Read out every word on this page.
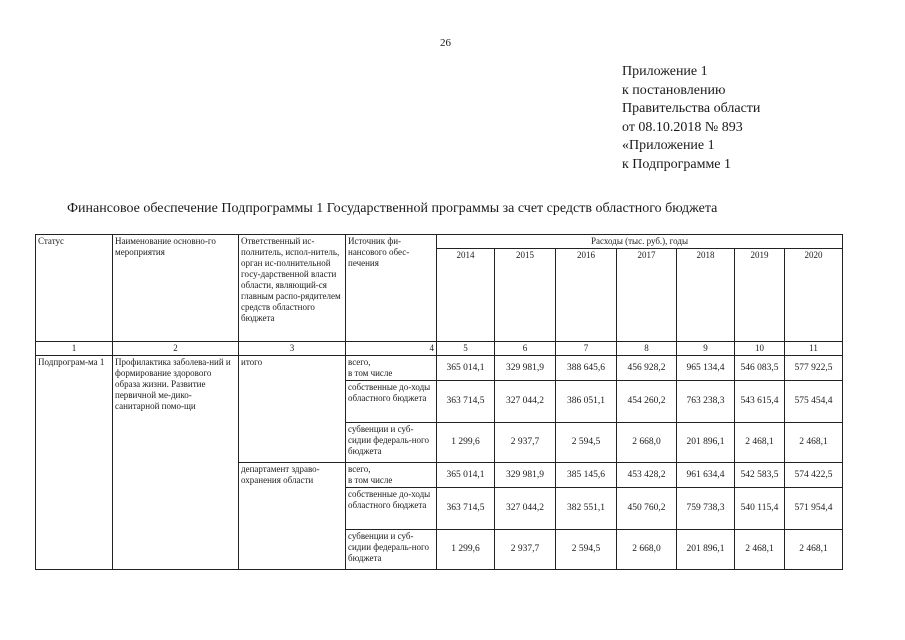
26
Приложение 1
к постановлению
Правительства области
от 08.10.2018 № 893
«Приложение 1
к Подпрограмме 1
Финансовое обеспечение Подпрограммы 1 Государственной программы за счет средств областного бюджета
Статус	Наименование основно-го мероприятия	Ответственный ис-полнитель, испол-нитель, орган ис-полнительной госу-дарственной власти области, являющий-ся главным распо-рядителем средств областного бюджета	Источник фи-нансового обес-печения	Расходы (тыс. руб.), годы						
				2014	2015	2016	2017	2018	2019	2020
1	2	3	4	5	6	7	8	9	10	11
Подпрограм-ма 1	Профилактика заболева-ний и формирование здорового образа жизни. Развитие первичной ме-дико-санитарной помо-щи	итого	всего,
в том числе	365 014,1	329 981,9	388 645,6	456 928,2	965 134,4	546 083,5	577 922,5
			собственные до-ходы областного бюджета	363 714,5	327 044,2	386 051,1	454 260,2	763 238,3	543 615,4	575 454,4
			субвенции и суб-сидии федераль-ного бюджета	1 299,6	2 937,7	2 594,5	2 668,0	201 896,1	2 468,1	2 468,1
		департамент здраво-охранения области	всего,
в том числе	365 014,1	329 981,9	385 145,6	453 428,2	961 634,4	542 583,5	574 422,5
			собственные до-ходы областного бюджета	363 714,5	327 044,2	382 551,1	450 760,2	759 738,3	540 115,4	571 954,4
			субвенции и суб-сидии федераль-ного бюджета	1 299,6	2 937,7	2 594,5	2 668,0	201 896,1	2 468,1	2 468,1
